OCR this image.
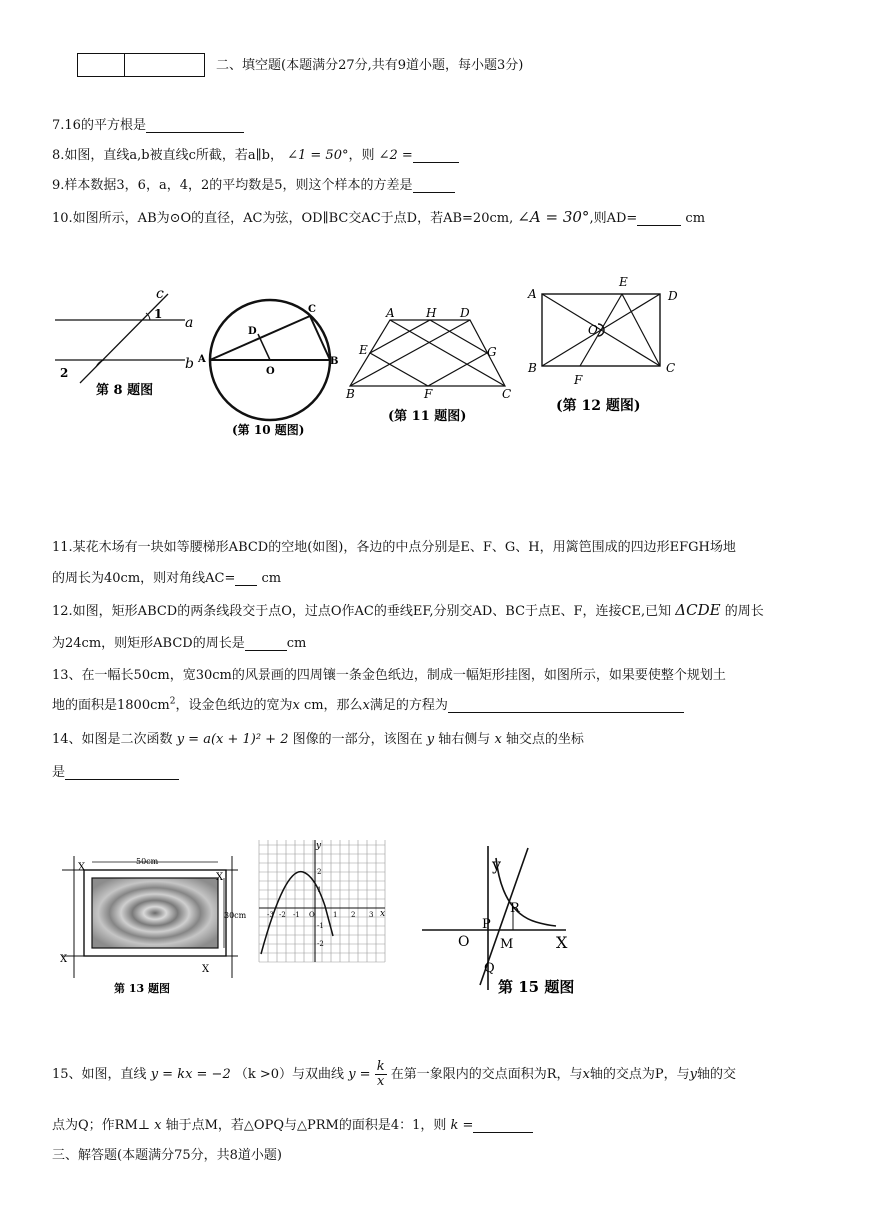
二、填空题(本题满分27分,共有9道小题，每小题3分)
7.16的平方根是
8.如图，直线a,b被直线c所截，若a∥b， ∠1 = 50°，则 ∠2 =
9.样本数据3，6，a，4，2的平均数是5，则这个样本的方差是
10.如图所示，AB为⊙O的直径，AC为弦，OD∥BC交AC于点D，若AB=20cm, ∠A = 30°,则AD=	cm
c
1
a
b
2
第 8 题图
A	B
C
D
O
(第 10 题图)
A	H D
E	G
B	F	C
(第 11 题图)
A
E
D
O
B
F
C
(第 12 题图)
11.某花木场有一块如等腰梯形ABCD的空地(如图)，各边的中点分别是E、F、G、H，用篱笆围成的四边形EFGH场地
的周长为40cm，则对角线AC= cm
12.如图，矩形ABCD的两条线段交于点O，过点O作AC的垂线EF,分别交AD、BC于点E、F，连接CE,已知 ΔCDE 的周长
为24cm，则矩形ABCD的周长是	cm
13、在一幅长50cm，宽30cm的风景画的四周镶一条金色纸边，制成一幅矩形挂图，如图所示，如果要使整个规划土
地的面积是$1800cm^2$，设金色纸边的宽为x cm，那么x满足的方程为
14、如图是二次函数 y = a(x + 1)² + 2 图像的一部分，该图在 y 轴右侧与 x 轴交点的坐标
是
50cm
30cm
X
X
X
X
第 13 题图
y
x
-3 -2 -1 O	1 2 3
2
1
-1
-2
y
P
R
O M	X
Q
第 15 题图
15、如图，直线 y = kx = −2 （k >0）与双曲线 $y = \frac{k}{x}$ 在第一象限内的交点面积为R，与x轴的交点为P，与y轴的交
点为Q；作RM⊥ x 轴于点M，若△OPQ与△PRM的面积是4：1，则 k =
三、解答题(本题满分75分，共8道小题)
